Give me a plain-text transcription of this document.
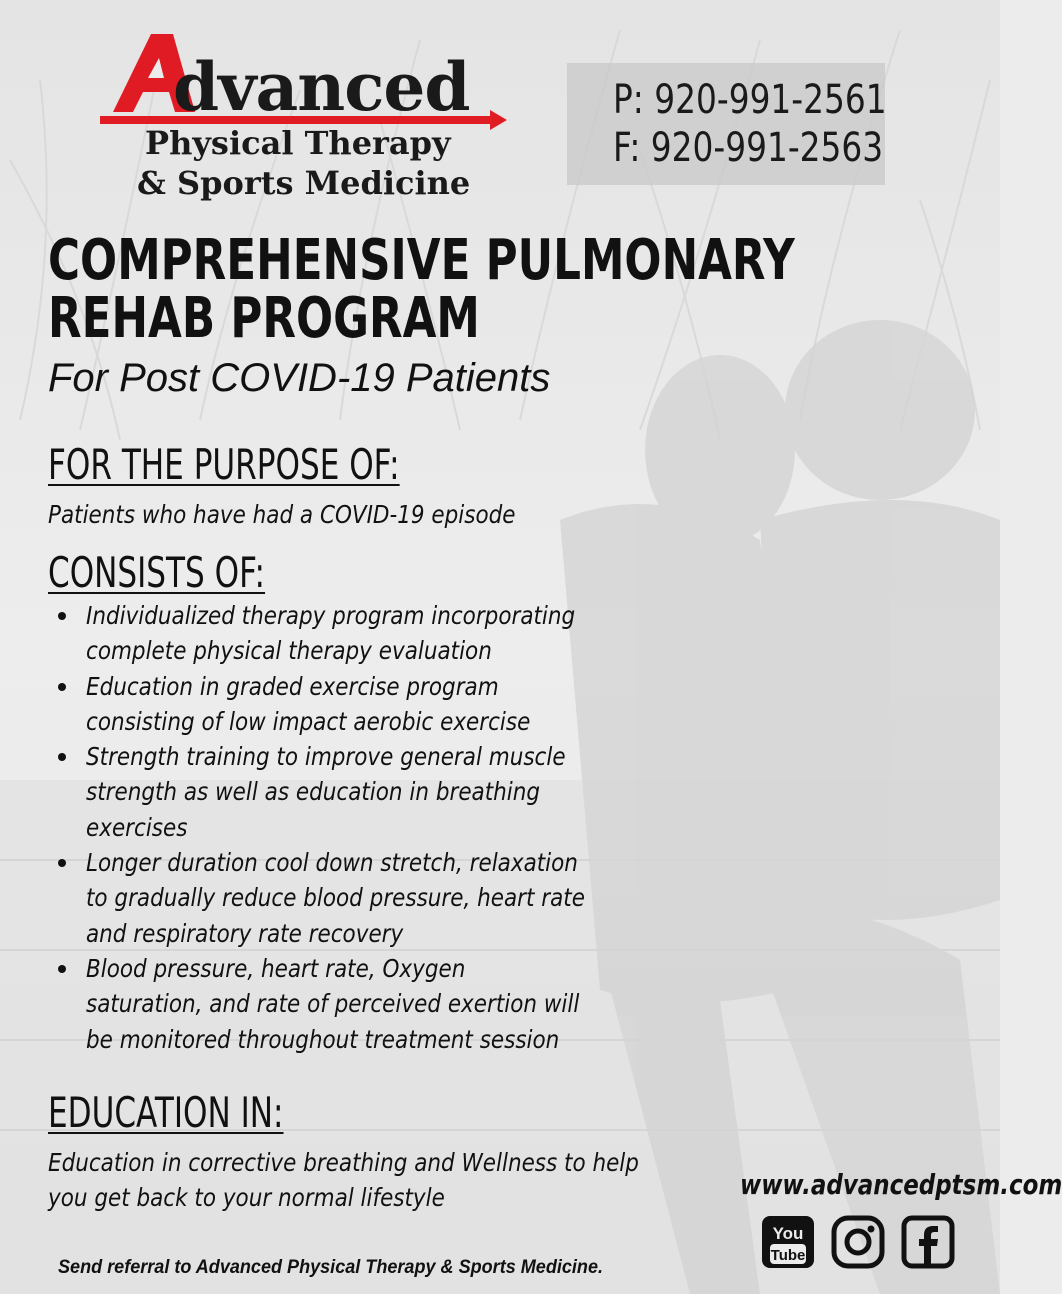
dvanced
Physical Therapy
& Sports Medicine
P: 920-991-2561
F: 920-991-2563
COMPREHENSIVE PULMONARY
REHAB PROGRAM
For Post COVID-19 Patients
FOR THE PURPOSE OF:
Patients who have had a COVID-19 episode
CONSISTS OF:
Individualized therapy program incorporating
complete physical therapy evaluation
Education in graded exercise program
consisting of low impact aerobic exercise
Strength training to improve general muscle
strength as well as education in breathing
exercises
Longer duration cool down stretch, relaxation
to gradually reduce blood pressure, heart rate
and respiratory rate recovery
Blood pressure, heart rate, Oxygen
saturation, and rate of perceived exertion will
be monitored throughout treatment session
EDUCATION IN:
Education in corrective breathing and Wellness to help
you get back to your normal lifestyle
Send referral to Advanced Physical Therapy & Sports Medicine.
www.advancedptsm.com
You
Tube
